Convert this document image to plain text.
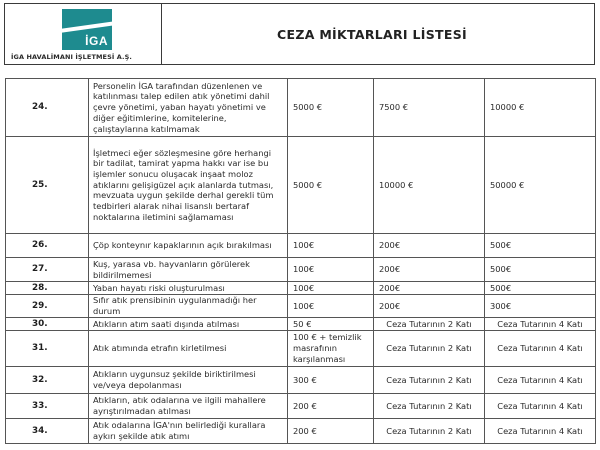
İGA
İGA HAVALİMANI İŞLETMESİ A.Ş.
CEZA MİKTARLARI LİSTESİ
24.	Personelin İGA tarafından düzenlenen ve katılınması talep edilen atık yönetimi dahil çevre yönetimi, yaban hayatı yönetimi ve diğer eğitimlerine, komitelerine, çalıştaylarına katılmamak	5000 €	7500 €	10000 €
25.	İşletmeci eğer sözleşmesine göre herhangi bir tadilat, tamirat yapma hakkı var ise bu işlemler sonucu oluşacak inşaat moloz atıklarını gelişigüzel açık alanlarda tutması, mevzuata uygun şekilde derhal gerekli tüm tedbirleri alarak nihai lisanslı bertaraf noktalarına iletimini sağlamaması	5000 €	10000 €	50000 €
26.	Çöp konteynır kapaklarının açık bırakılması	100€	200€	500€
27.	Kuş, yarasa vb. hayvanların görülerek bildirilmemesi	100€	200€	500€
28.	Yaban hayatı riski oluşturulması	100€	200€	500€
29.	Sıfır atık prensibinin uygulanmadığı her durum	100€	200€	300€
30.	Atıkların atım saati dışında atılması	50 €	Ceza Tutarının 2 Katı	Ceza Tutarının 4 Katı
31.	Atık atımında etrafın kirletilmesi	100 € + temizlik masrafının karşılanması	Ceza Tutarının 2 Katı	Ceza Tutarının 4 Katı
32.	Atıkların uygunsuz şekilde biriktirilmesi ve/veya depolanması	300 €	Ceza Tutarının 2 Katı	Ceza Tutarının 4 Katı
33.	Atıkların, atık odalarına ve ilgili mahallere ayrıştırılmadan atılması	200 €	Ceza Tutarının 2 Katı	Ceza Tutarının 4 Katı
34.	Atık odalarına İGA'nın belirlediği kurallara aykırı şekilde atık atımı	200 €	Ceza Tutarının 2 Katı	Ceza Tutarının 4 Katı
